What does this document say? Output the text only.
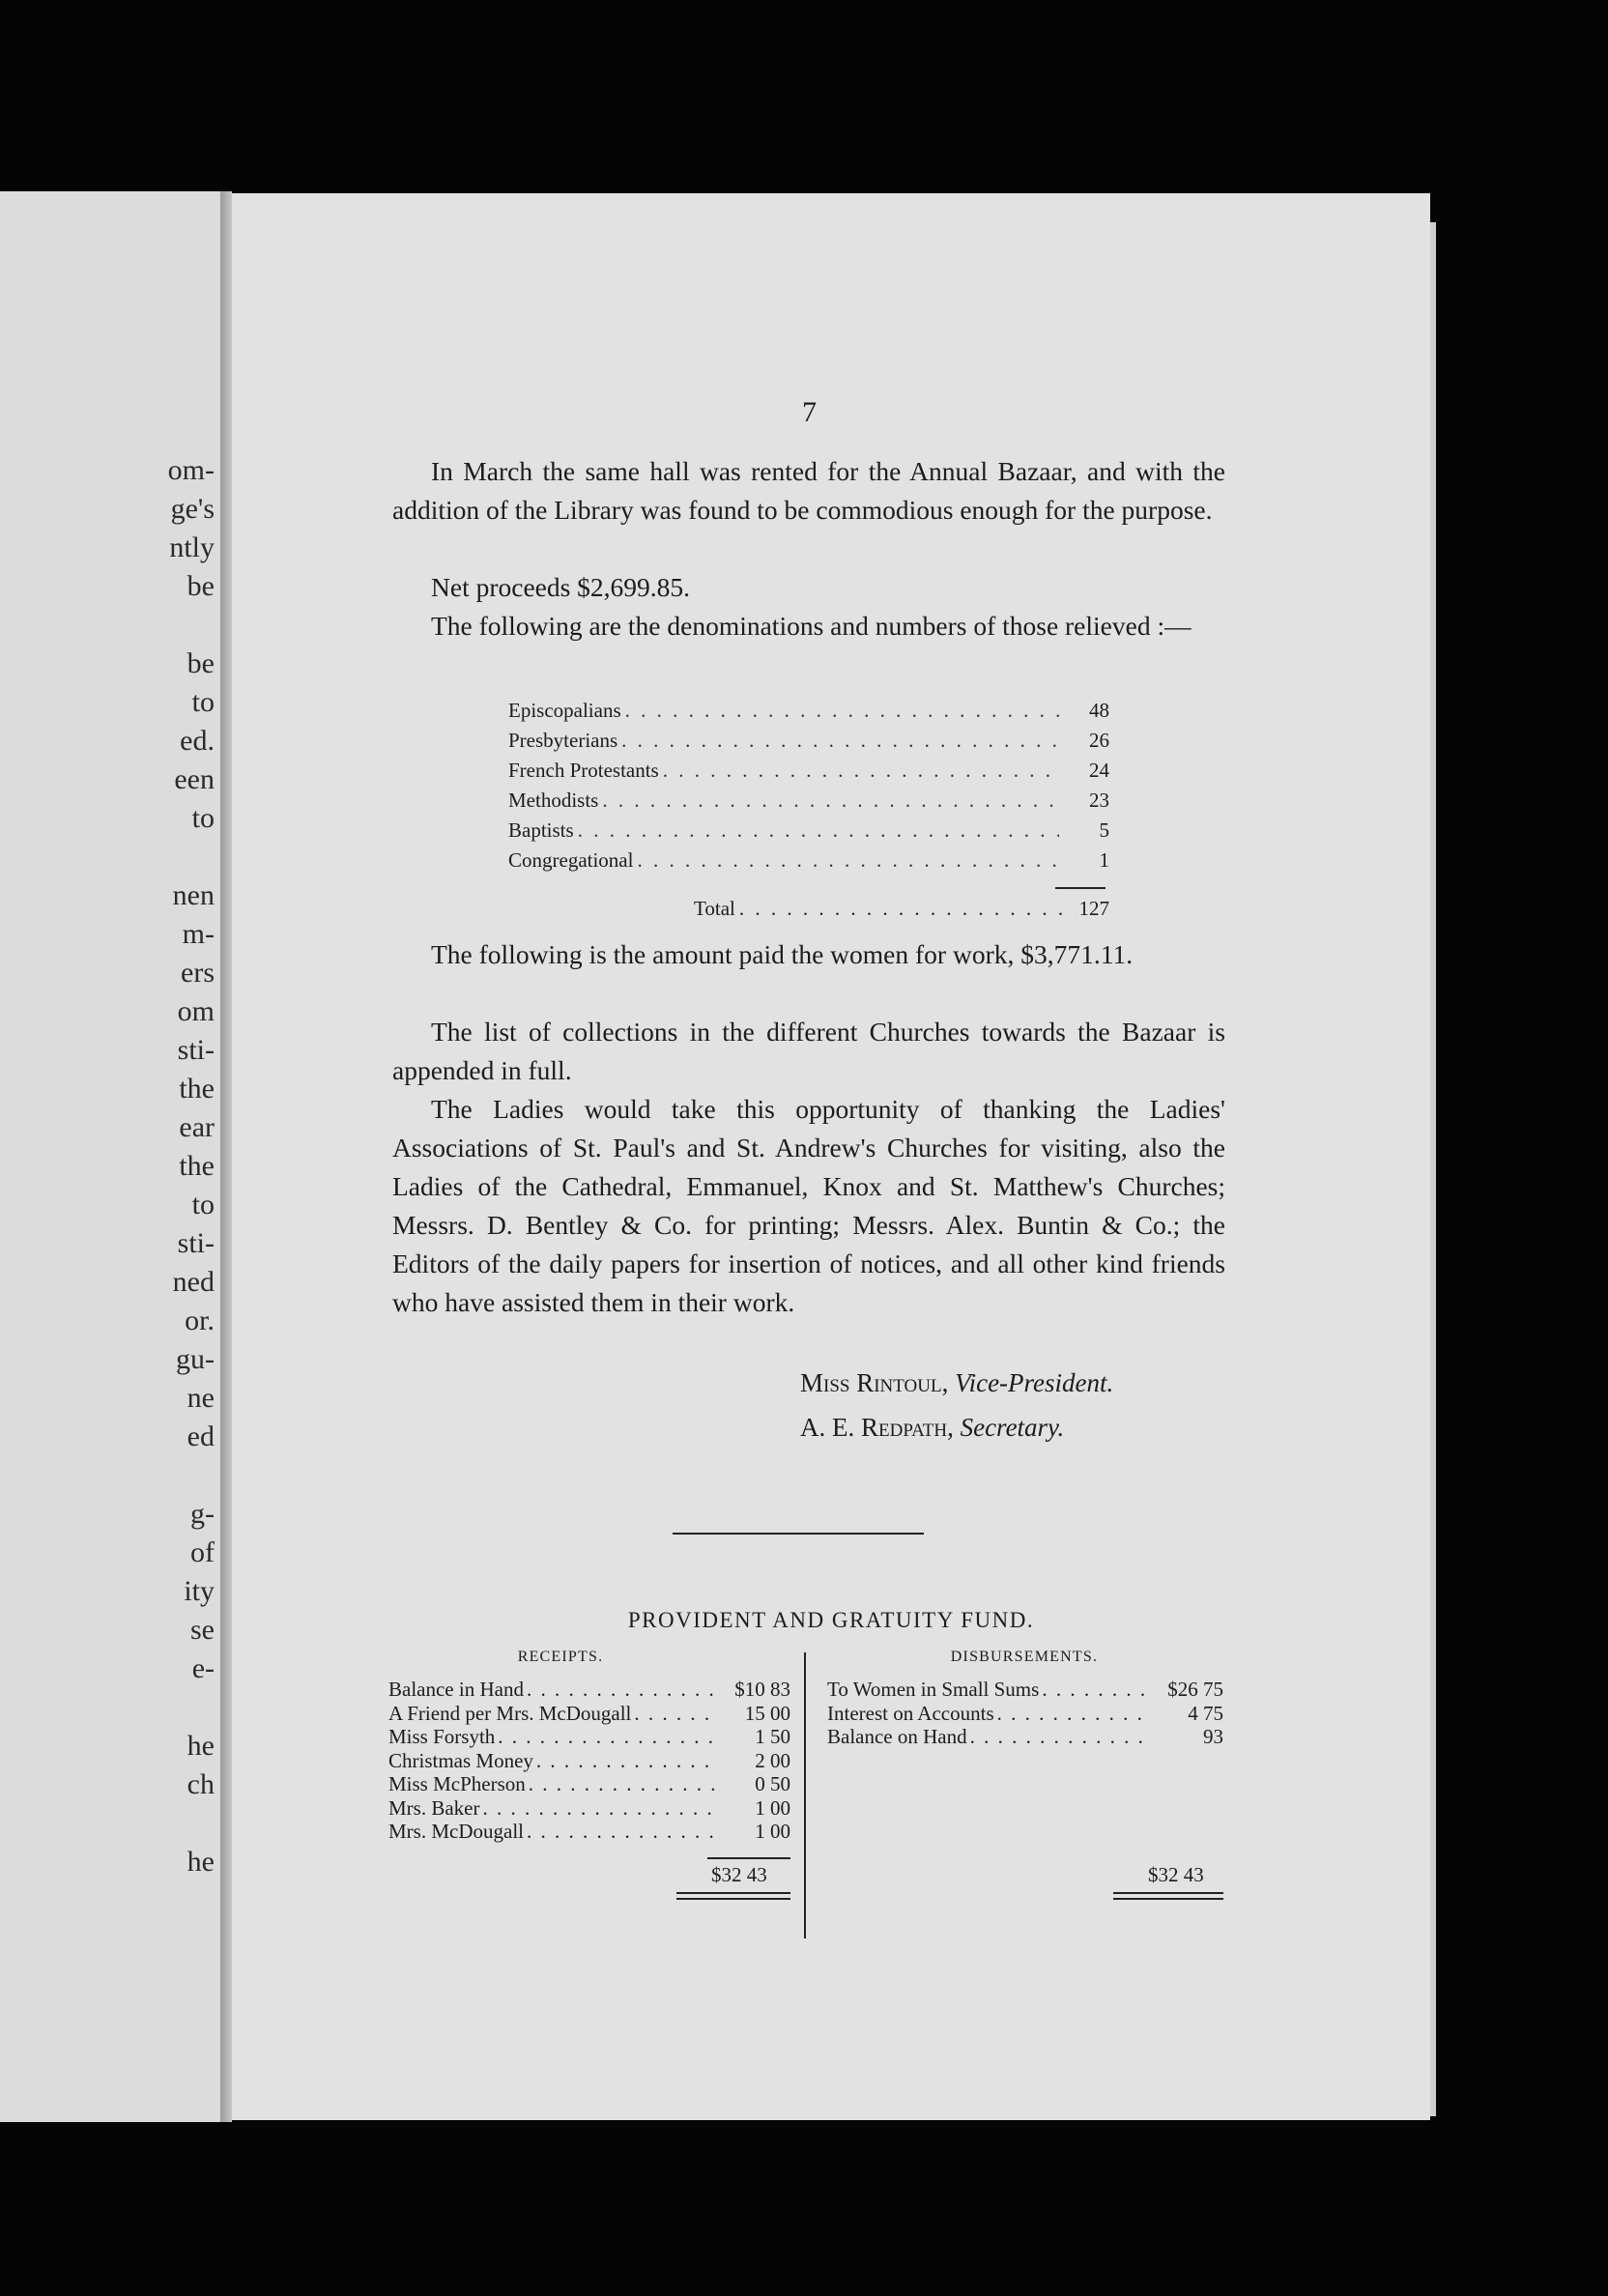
om-
ge's
ntly
be
be
to
ed.
een
to
nen
m-
ers
om
sti-
the
ear
the
to
sti-
ned
or.
gu-
ne
ed
g-
of
ity
se
e-
he
ch
he
7

In March the same hall was rented for the Annual Bazaar, and with the addition of the Library was found to be commodious enough for the purpose.

Net proceeds $2,699.85.

The following are the denominations and numbers of those relieved :—

Episcopalians . . .	48
Presbyterians . . .	26
French Protestants . . .	24
Methodists . . .	23
Baptists . . .	5
Congregational . . .	1
Total . . .	127

The following is the amount paid the women for work, $3,771.11.

The list of collections in the different Churches towards the Bazaar is appended in full.

The Ladies would take this opportunity of thanking the Ladies' Associations of St. Paul's and St. Andrew's Churches for visiting, also the Ladies of the Cathedral, Emmanuel, Knox and St. Matthew's Churches; Messrs. D. Bentley & Co. for printing; Messrs. Alex. Buntin & Co.; the Editors of the daily papers for insertion of notices, and all other kind friends who have assisted them in their work.

Miss Rintoul, Vice-President.
A. E. Redpath, Secretary.
PROVIDENT AND GRATUITY FUND.
RECEIPTS.	DISBURSEMENTS.
Balance in Hand . . .	$10 83
A Friend per Mrs. McDougall . . .	15 00
Miss Forsyth . . .	1 50
Christmas Money . . .	2 00
Miss McPherson . . .	0 50
Mrs. Baker . . .	1 00
Mrs. McDougall . . .	1 00
To Women in Small Sums . . .	$26 75
Interest on Accounts . . .	4 75
Balance on Hand . . .	93
$32 43	$32 43
